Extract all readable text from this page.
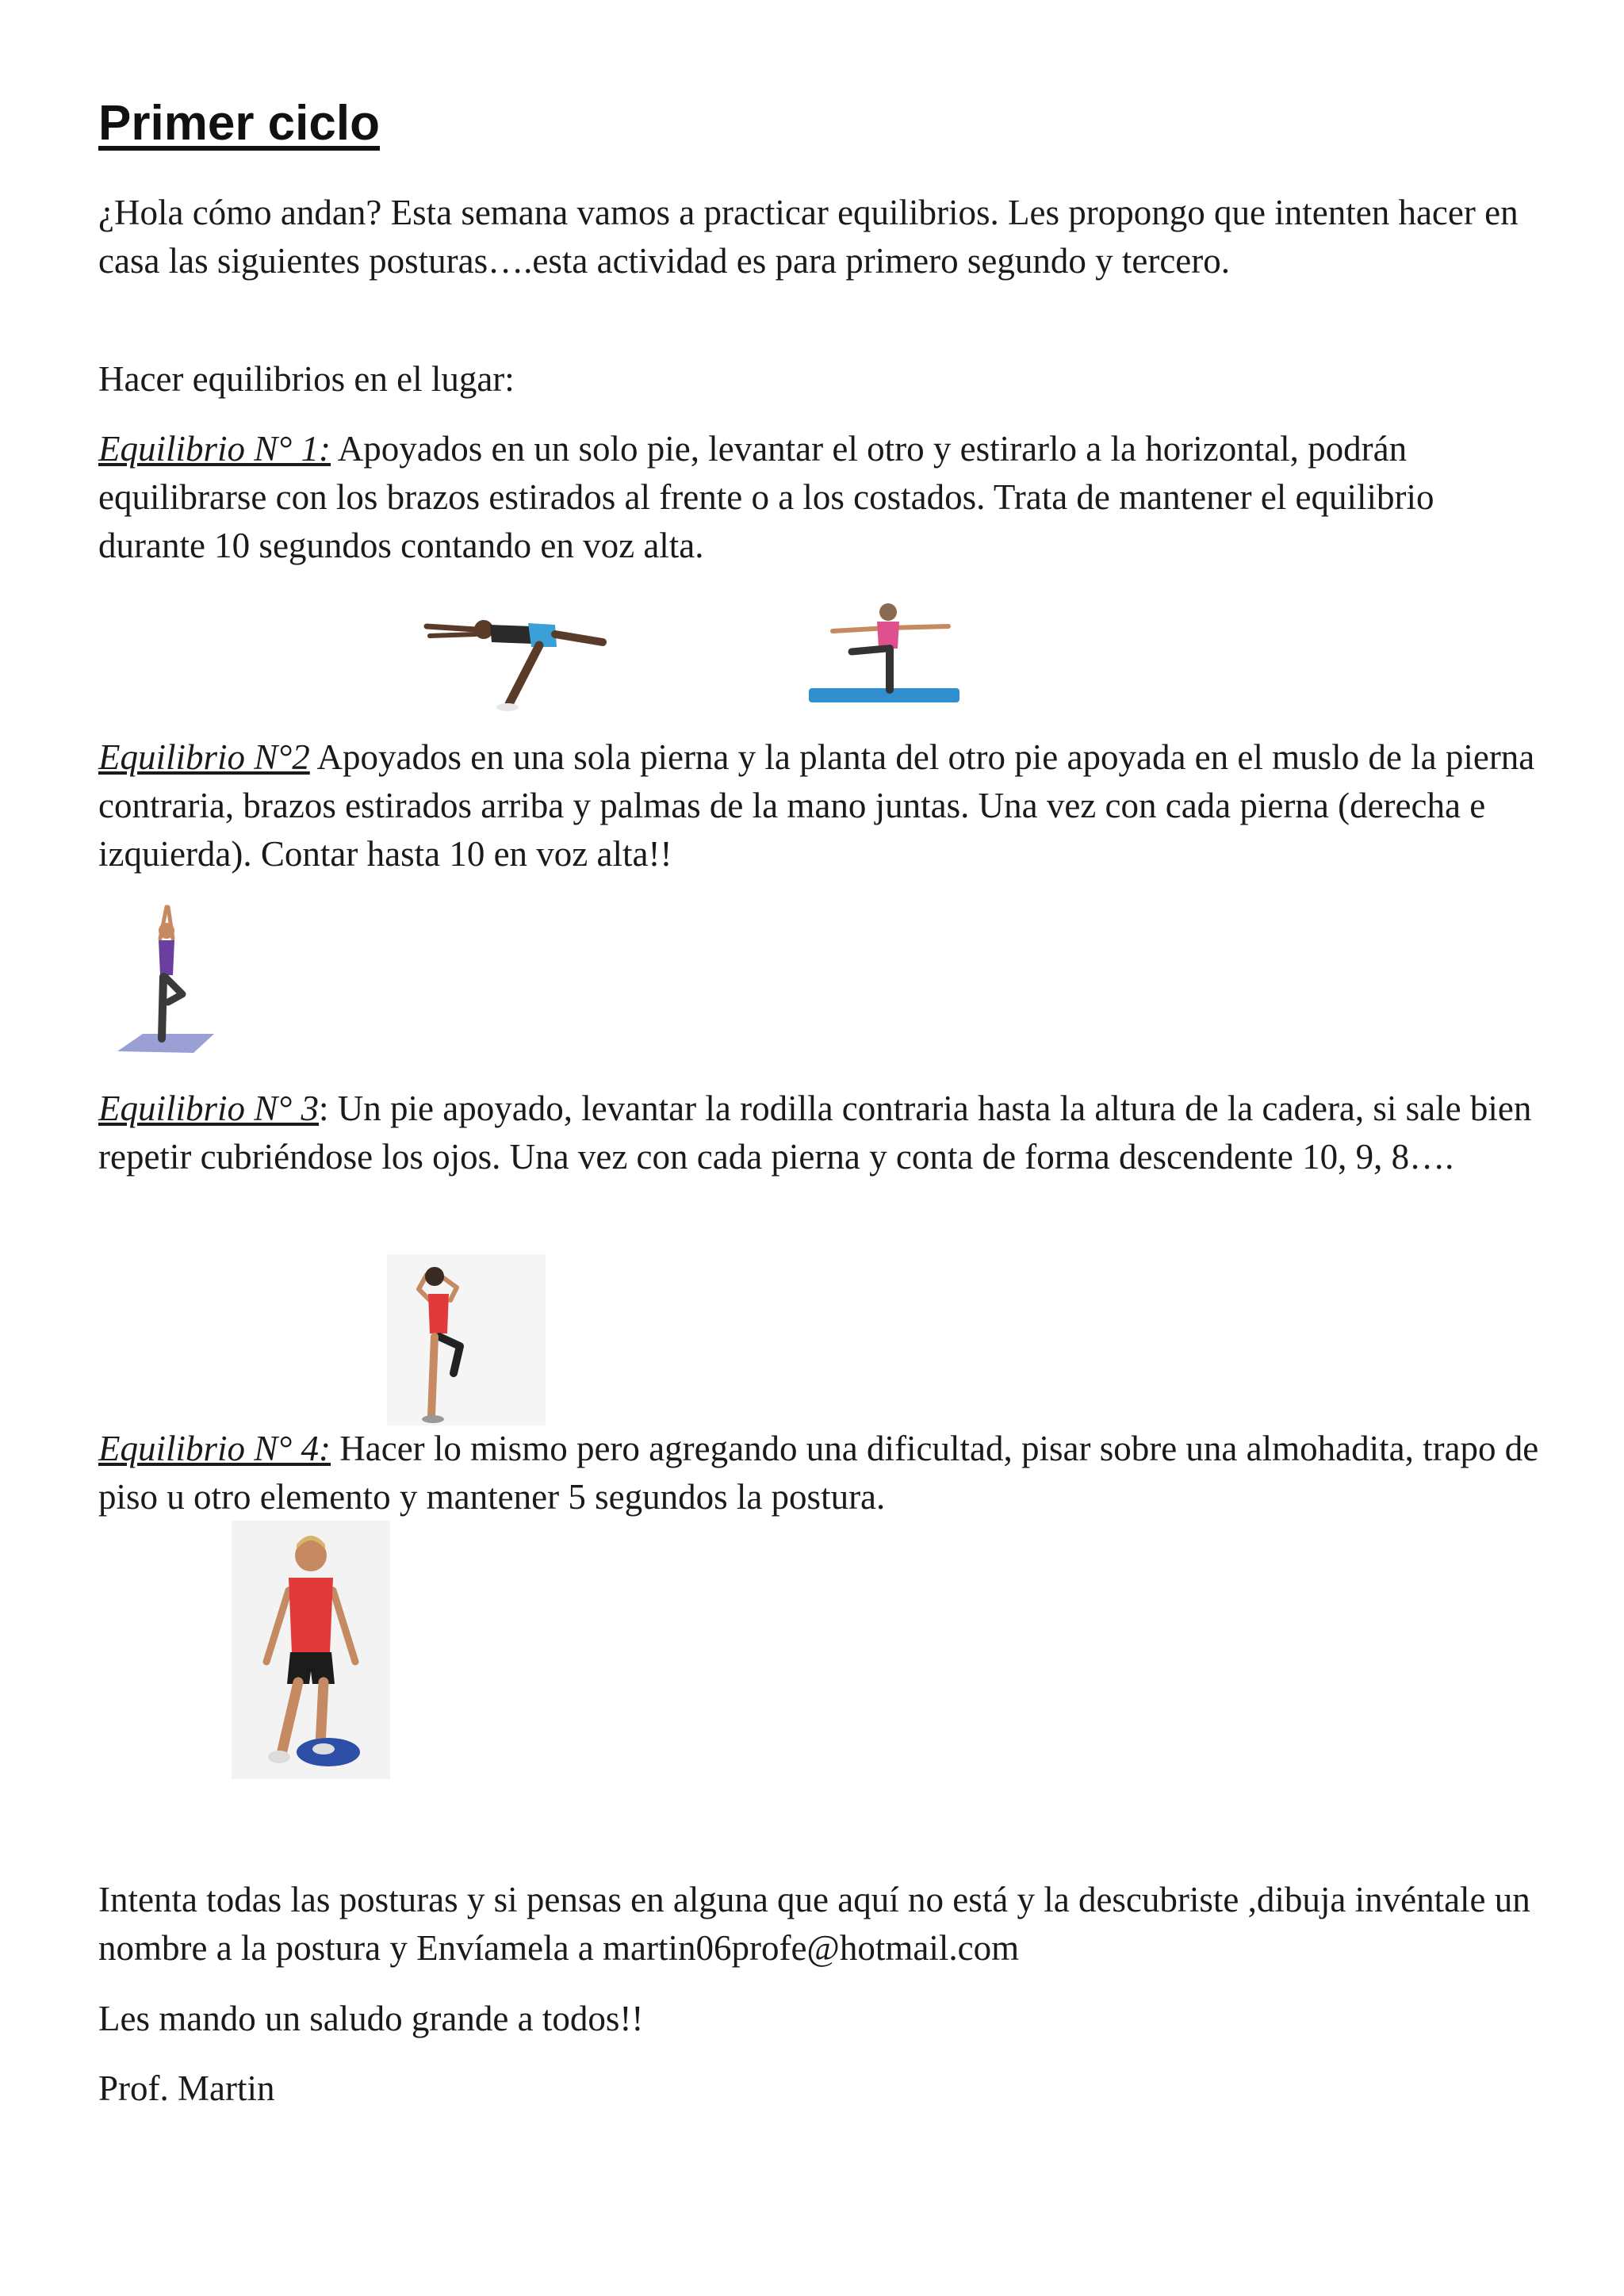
Primer ciclo

¿Hola cómo andan? Esta semana vamos a practicar equilibrios. Les propongo que intenten hacer en casa las siguientes posturas….esta actividad es para primero segundo y tercero.

Hacer equilibrios en el lugar:

Equilibrio N° 1: Apoyados en un solo pie, levantar el otro y estirarlo a la horizontal, podrán equilibrarse con los brazos estirados al frente o a los costados. Trata de mantener el equilibrio durante 10 segundos contando en voz alta.

Equilibrio N°2 Apoyados en una sola pierna y la planta del otro pie apoyada en el muslo de la pierna contraria, brazos estirados arriba y palmas de la mano juntas. Una vez con cada pierna (derecha e izquierda). Contar hasta 10 en voz alta!!

Equilibrio N° 3: Un pie apoyado, levantar la rodilla contraria hasta la altura de la cadera, si sale bien repetir cubriéndose los ojos. Una vez con cada pierna y conta de forma descendente 10, 9, 8….

Equilibrio N° 4: Hacer lo mismo pero agregando una dificultad, pisar sobre una almohadita, trapo de piso u otro elemento y mantener 5 segundos la postura.

Intenta todas las posturas y si pensas en alguna que aquí no está y la descubriste ,dibuja invéntale un nombre a la postura y Envíamela a martin06profe@hotmail.com

Les mando un saludo grande a todos!!

Prof. Martin
